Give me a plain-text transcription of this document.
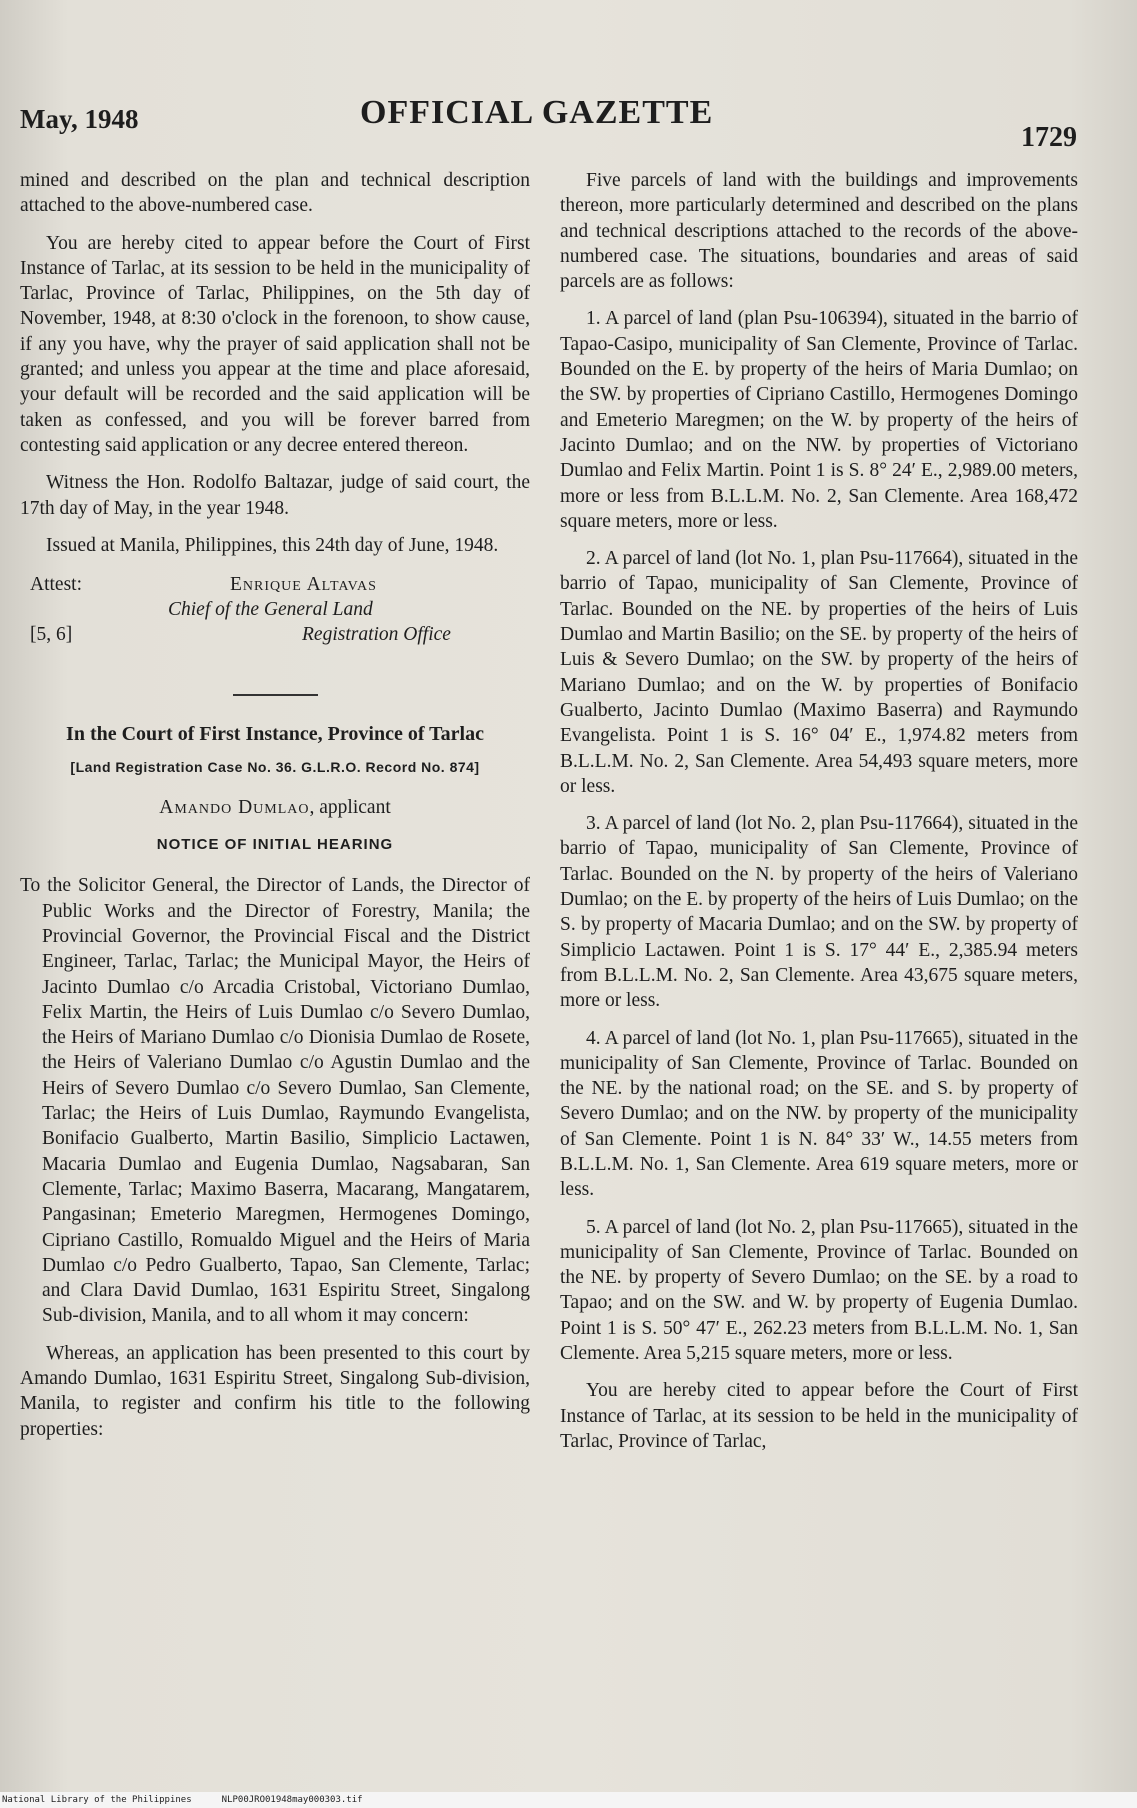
May, 1948	OFFICIAL GAZETTE
1729

mined and described on the plan and technical description attached to the above-numbered case.

You are hereby cited to appear before the Court of First Instance of Tarlac, at its session to be held in the municipality of Tarlac, Province of Tarlac, Philippines, on the 5th day of November, 1948, at 8:30 o'clock in the forenoon, to show cause, if any you have, why the prayer of said application shall not be granted; and unless you appear at the time and place aforesaid, your default will be recorded and the said application will be taken as confessed, and you will be forever barred from contesting said application or any decree entered thereon.

Witness the Hon. Rodolfo Baltazar, judge of said court, the 17th day of May, in the year 1948.

Issued at Manila, Philippines, this 24th day of June, 1948.

Attest:
[5, 6]
Enrique Altavas
Chief of the General Land
Registration Office
In the Court of First Instance, Province of Tarlac
[Land Registration Case No. 36. G.L.R.O. Record No. 874]
Amando Dumlao, applicant
NOTICE OF INITIAL HEARING

To the Solicitor General, the Director of Lands, the Director of Public Works and the Director of Forestry, Manila; the Provincial Governor, the Provincial Fiscal and the District Engineer, Tarlac, Tarlac; the Municipal Mayor, the Heirs of Jacinto Dumlao c/o Arcadia Cristobal, Victoriano Dumlao, Felix Martin, the Heirs of Luis Dumlao c/o Severo Dumlao, the Heirs of Mariano Dumlao c/o Dionisia Dumlao de Rosete, the Heirs of Valeriano Dumlao c/o Agustin Dumlao and the Heirs of Severo Dumlao c/o Severo Dumlao, San Clemente, Tarlac; the Heirs of Luis Dumlao, Raymundo Evangelista, Bonifacio Gualberto, Martin Basilio, Simplicio Lactawen, Macaria Dumlao and Eugenia Dumlao, Nagsabaran, San Clemente, Tarlac; Maximo Baserra, Macarang, Mangatarem, Pangasinan; Emeterio Maregmen, Hermogenes Domingo, Cipriano Castillo, Romualdo Miguel and the Heirs of Maria Dumlao c/o Pedro Gualberto, Tapao, San Clemente, Tarlac; and Clara David Dumlao, 1631 Espiritu Street, Singalong Sub-division, Manila, and to all whom it may concern:

Whereas, an application has been presented to this court by Amando Dumlao, 1631 Espiritu Street, Singalong Sub-division, Manila, to register and confirm his title to the following properties:

Five parcels of land with the buildings and improvements thereon, more particularly determined and described on the plans and technical descriptions attached to the records of the above-numbered case. The situations, boundaries and areas of said parcels are as follows:

1. A parcel of land (plan Psu-106394), situated in the barrio of Tapao-Casipo, municipality of San Clemente, Province of Tarlac. Bounded on the E. by property of the heirs of Maria Dumlao; on the SW. by properties of Cipriano Castillo, Hermogenes Domingo and Emeterio Maregmen; on the W. by property of the heirs of Jacinto Dumlao; and on the NW. by properties of Victoriano Dumlao and Felix Martin. Point 1 is S. 8° 24′ E., 2,989.00 meters, more or less from B.L.L.M. No. 2, San Clemente. Area 168,472 square meters, more or less.

2. A parcel of land (lot No. 1, plan Psu-117664), situated in the barrio of Tapao, municipality of San Clemente, Province of Tarlac. Bounded on the NE. by properties of the heirs of Luis Dumlao and Martin Basilio; on the SE. by property of the heirs of Luis & Severo Dumlao; on the SW. by property of the heirs of Mariano Dumlao; and on the W. by properties of Bonifacio Gualberto, Jacinto Dumlao (Maximo Baserra) and Raymundo Evangelista. Point 1 is S. 16° 04′ E., 1,974.82 meters from B.L.L.M. No. 2, San Clemente. Area 54,493 square meters, more or less.

3. A parcel of land (lot No. 2, plan Psu-117664), situated in the barrio of Tapao, municipality of San Clemente, Province of Tarlac. Bounded on the N. by property of the heirs of Valeriano Dumlao; on the E. by property of the heirs of Luis Dumlao; on the S. by property of Macaria Dumlao; and on the SW. by property of Simplicio Lactawen. Point 1 is S. 17° 44′ E., 2,385.94 meters from B.L.L.M. No. 2, San Clemente. Area 43,675 square meters, more or less.

4. A parcel of land (lot No. 1, plan Psu-117665), situated in the municipality of San Clemente, Province of Tarlac. Bounded on the NE. by the national road; on the SE. and S. by property of Severo Dumlao; and on the NW. by property of the municipality of San Clemente. Point 1 is N. 84° 33′ W., 14.55 meters from B.L.L.M. No. 1, San Clemente. Area 619 square meters, more or less.

5. A parcel of land (lot No. 2, plan Psu-117665), situated in the municipality of San Clemente, Province of Tarlac. Bounded on the NE. by property of Severo Dumlao; on the SE. by a road to Tapao; and on the SW. and W. by property of Eugenia Dumlao. Point 1 is S. 50° 47′ E., 262.23 meters from B.L.L.M. No. 1, San Clemente. Area 5,215 square meters, more or less.

You are hereby cited to appear before the Court of First Instance of Tarlac, at its session to be held in the municipality of Tarlac, Province of Tarlac,

National Library of the Philippines	NLP00JRO01948may000303.tif
